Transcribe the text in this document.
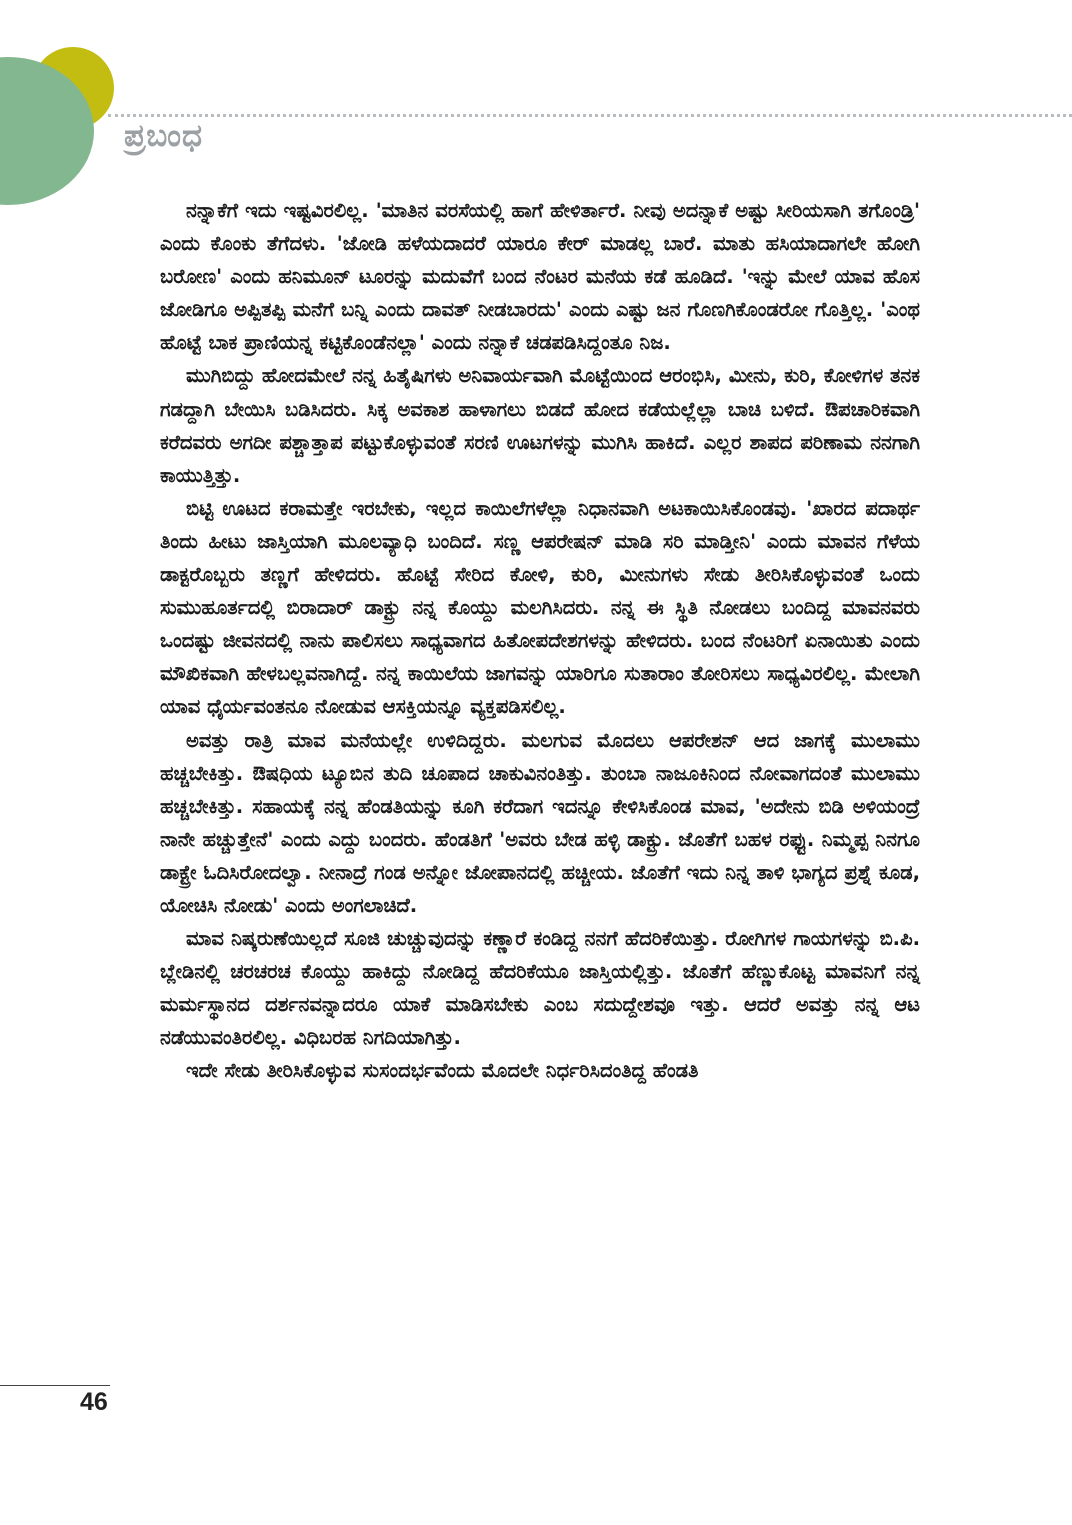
ಪ್ರಬಂಧ

ನನ್ನಾಕೆಗೆ ಇದು ಇಷ್ಟವಿರಲಿಲ್ಲ. 'ಮಾತಿನ ವರಸೆಯಲ್ಲಿ ಹಾಗೆ ಹೇಳಿರ್ತಾರೆ. ನೀವು ಅದನ್ನಾಕೆ ಅಷ್ಟು ಸೀರಿಯಸಾಗಿ ತಗೊಂಡ್ರಿ' ಎಂದು ಕೊಂಕು ತೆಗೆದಳು. 'ಜೋಡಿ ಹಳೆಯದಾದರೆ ಯಾರೂ ಕೇರ್ ಮಾಡಲ್ಲ ಬಾರೆ. ಮಾತು ಹಸಿಯಾದಾಗಲೇ ಹೋಗಿ ಬರೋಣ' ಎಂದು ಹನಿಮೂನ್ ಟೂರನ್ನು ಮದುವೆಗೆ ಬಂದ ನೆಂಟರ ಮನೆಯ ಕಡೆ ಹೂಡಿದೆ. 'ಇನ್ನು ಮೇಲೆ ಯಾವ ಹೊಸ ಜೋಡಿಗೂ ಅಪ್ಪಿತಪ್ಪಿ ಮನೆಗೆ ಬನ್ನಿ ಎಂದು ದಾವತ್ ನೀಡಬಾರದು' ಎಂದು ಎಷ್ಟು ಜನ ಗೊಣಗಿಕೊಂಡರೋ ಗೊತ್ತಿಲ್ಲ. 'ಎಂಥ ಹೊಟ್ಟೆ ಬಾಕ ಪ್ರಾಣಿಯನ್ನ ಕಟ್ಟಿಕೊಂಡೆನಲ್ಲಾ' ಎಂದು ನನ್ನಾಕೆ ಚಡಪಡಿಸಿದ್ದಂತೂ ನಿಜ.

ಮುಗಿಬಿದ್ದು ಹೋದಮೇಲೆ ನನ್ನ ಹಿತೈಷಿಗಳು ಅನಿವಾರ್ಯವಾಗಿ ಮೊಟ್ಟೆಯಿಂದ ಆರಂಭಿಸಿ, ಮೀನು, ಕುರಿ, ಕೋಳಿಗಳ ತನಕ ಗಡದ್ದಾಗಿ ಬೇಯಿಸಿ ಬಡಿಸಿದರು. ಸಿಕ್ಕ ಅವಕಾಶ ಹಾಳಾಗಲು ಬಿಡದೆ ಹೋದ ಕಡೆಯಲ್ಲೆಲ್ಲಾ ಬಾಚಿ ಬಳಿದೆ. ಔಪಚಾರಿಕವಾಗಿ ಕರೆದವರು ಅಗದೀ ಪಶ್ಚಾತ್ತಾಪ ಪಟ್ಟುಕೊಳ್ಳುವಂತೆ ಸರಣಿ ಊಟಗಳನ್ನು ಮುಗಿಸಿ ಹಾಕಿದೆ. ಎಲ್ಲರ ಶಾಪದ ಪರಿಣಾಮ ನನಗಾಗಿ ಕಾಯುತ್ತಿತ್ತು.

ಬಿಟ್ಟಿ ಊಟದ ಕರಾಮತ್ತೇ ಇರಬೇಕು, ಇಲ್ಲದ ಕಾಯಿಲೆಗಳೆಲ್ಲಾ ನಿಧಾನವಾಗಿ ಅಟಕಾಯಿಸಿಕೊಂಡವು. 'ಖಾರದ ಪದಾರ್ಥ ತಿಂದು ಹೀಟು ಜಾಸ್ತಿಯಾಗಿ ಮೂಲವ್ಯಾಧಿ ಬಂದಿದೆ. ಸಣ್ಣ ಆಪರೇಷನ್ ಮಾಡಿ ಸರಿ ಮಾಡ್ತೀನಿ' ಎಂದು ಮಾವನ ಗೆಳೆಯ ಡಾಕ್ಟರೊಬ್ಬರು ತಣ್ಣಗೆ ಹೇಳಿದರು. ಹೊಟ್ಟೆ ಸೇರಿದ ಕೋಳಿ, ಕುರಿ, ಮೀನುಗಳು ಸೇಡು ತೀರಿಸಿಕೊಳ್ಳುವಂತೆ ಒಂದು ಸುಮುಹೂರ್ತದಲ್ಲಿ ಬಿರಾದಾರ್ ಡಾಕ್ಟ್ರು ನನ್ನ ಕೊಯ್ದು ಮಲಗಿಸಿದರು. ನನ್ನ ಈ ಸ್ಥಿತಿ ನೋಡಲು ಬಂದಿದ್ದ ಮಾವನವರು ಒಂದಷ್ಟು ಜೀವನದಲ್ಲಿ ನಾನು ಪಾಲಿಸಲು ಸಾಧ್ಯವಾಗದ ಹಿತೋಪದೇಶಗಳನ್ನು ಹೇಳಿದರು. ಬಂದ ನೆಂಟರಿಗೆ ಏನಾಯಿತು ಎಂದು ಮೌಖಿಕವಾಗಿ ಹೇಳಬಲ್ಲವನಾಗಿದ್ದೆ. ನನ್ನ ಕಾಯಿಲೆಯ ಜಾಗವನ್ನು ಯಾರಿಗೂ ಸುತಾರಾಂ ತೋರಿಸಲು ಸಾಧ್ಯವಿರಲಿಲ್ಲ. ಮೇಲಾಗಿ ಯಾವ ಧೈರ್ಯವಂತನೂ ನೋಡುವ ಆಸಕ್ತಿಯನ್ನೂ ವ್ಯಕ್ತಪಡಿಸಲಿಲ್ಲ.

ಅವತ್ತು ರಾತ್ರಿ ಮಾವ ಮನೆಯಲ್ಲೇ ಉಳಿದಿದ್ದರು. ಮಲಗುವ ಮೊದಲು ಆಪರೇಶನ್ ಆದ ಜಾಗಕ್ಕೆ ಮುಲಾಮು ಹಚ್ಚಬೇಕಿತ್ತು. ಔಷಧಿಯ ಟ್ಯೂಬಿನ ತುದಿ ಚೂಪಾದ ಚಾಕುವಿನಂತಿತ್ತು. ತುಂಬಾ ನಾಜೂಕಿನಿಂದ ನೋವಾಗದಂತೆ ಮುಲಾಮು ಹಚ್ಚಬೇಕಿತ್ತು. ಸಹಾಯಕ್ಕೆ ನನ್ನ ಹೆಂಡತಿಯನ್ನು ಕೂಗಿ ಕರೆದಾಗ ಇದನ್ನೂ ಕೇಳಿಸಿಕೊಂಡ ಮಾವ, 'ಅದೇನು ಬಿಡಿ ಅಳಿಯಂದ್ರೆ ನಾನೇ ಹಚ್ಚುತ್ತೇನೆ' ಎಂದು ಎದ್ದು ಬಂದರು. ಹೆಂಡತಿಗೆ 'ಅವರು ಬೇಡ ಹಳ್ಳಿ ಡಾಕ್ಟ್ರು. ಜೊತೆಗೆ ಬಹಳ ರಫ್ಟು. ನಿಮ್ಮಪ್ಪ ನಿನಗೂ ಡಾಕ್ಟ್ರೇ ಓದಿಸಿರೋದಲ್ವಾ. ನೀನಾದ್ರೆ ಗಂಡ ಅನ್ನೋ ಜೋಪಾನದಲ್ಲಿ ಹಚ್ಚೀಯ. ಜೊತೆಗೆ ಇದು ನಿನ್ನ ತಾಳಿ ಭಾಗ್ಯದ ಪ್ರಶ್ನೆ ಕೂಡ, ಯೋಚಿಸಿ ನೋಡು' ಎಂದು ಅಂಗಲಾಚಿದೆ.

ಮಾವ ನಿಷ್ಕರುಣೆಯಿಲ್ಲದೆ ಸೂಜಿ ಚುಚ್ಚುವುದನ್ನು ಕಣ್ಣಾರೆ ಕಂಡಿದ್ದ ನನಗೆ ಹೆದರಿಕೆಯಿತ್ತು. ರೋಗಿಗಳ ಗಾಯಗಳನ್ನು ಬಿ.ಪಿ. ಬ್ಲೇಡಿನಲ್ಲಿ ಚರಚರಚ ಕೊಯ್ದು ಹಾಕಿದ್ದು ನೋಡಿದ್ದ ಹೆದರಿಕೆಯೂ ಜಾಸ್ತಿಯಲ್ಲಿತ್ತು. ಜೊತೆಗೆ ಹೆಣ್ಣುಕೊಟ್ಟ ಮಾವನಿಗೆ ನನ್ನ ಮರ್ಮಸ್ಥಾನದ ದರ್ಶನವನ್ನಾದರೂ ಯಾಕೆ ಮಾಡಿಸಬೇಕು ಎಂಬ ಸದುದ್ದೇಶವೂ ಇತ್ತು. ಆದರೆ ಅವತ್ತು ನನ್ನ ಆಟ ನಡೆಯುವಂತಿರಲಿಲ್ಲ. ವಿಧಿಬರಹ ನಿಗದಿಯಾಗಿತ್ತು.

ಇದೇ ಸೇಡು ತೀರಿಸಿಕೊಳ್ಳುವ ಸುಸಂದರ್ಭವೆಂದು ಮೊದಲೇ ನಿರ್ಧರಿಸಿದಂತಿದ್ದ ಹೆಂಡತಿ

46
